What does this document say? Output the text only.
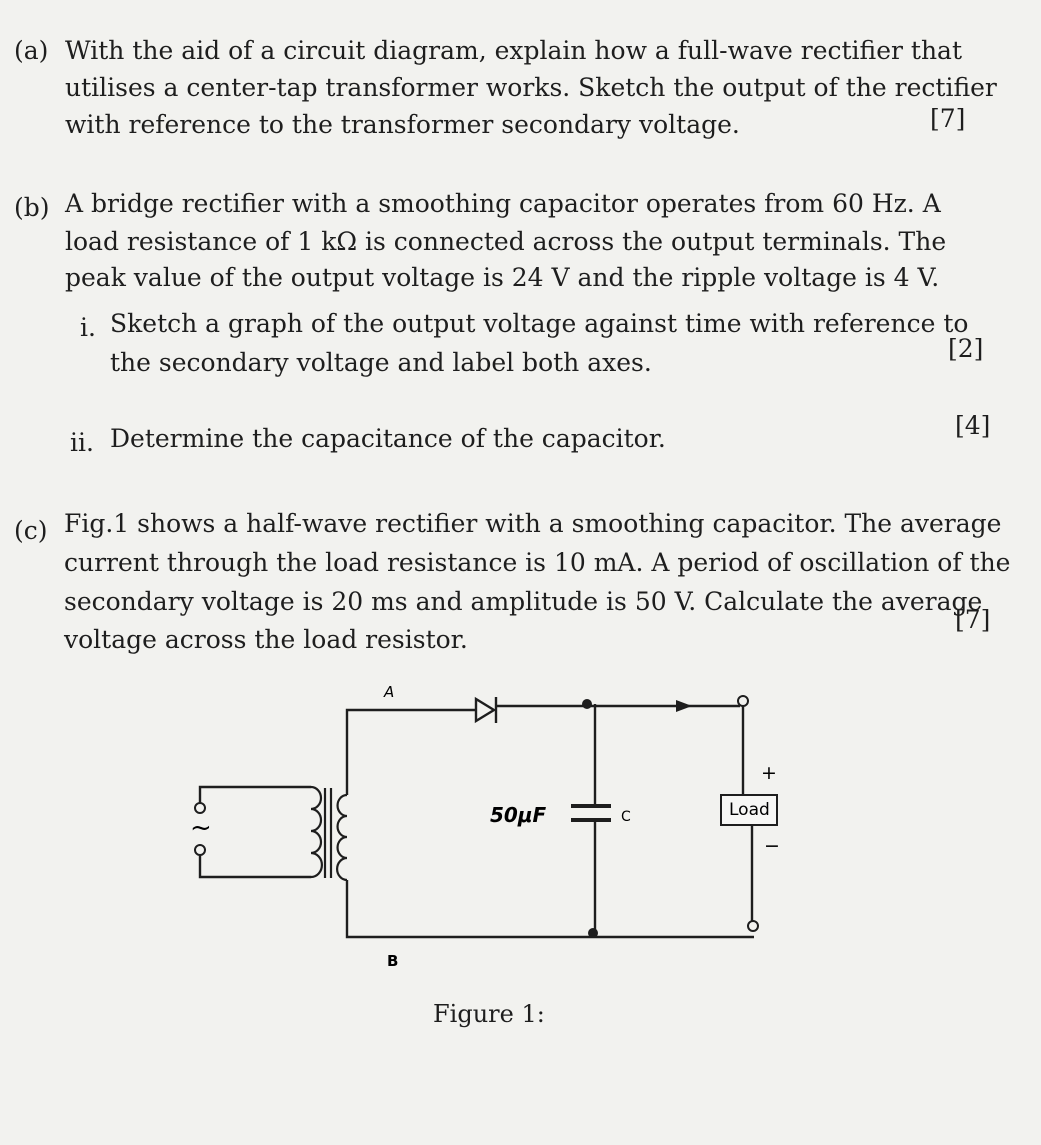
(a) With the aid of a circuit diagram, explain how a full-wave rectifier that
utilises a center-tap transformer works. Sketch the output of the rectifier
with reference to the transformer secondary voltage.	[7]
(b) A bridge rectifier with a smoothing capacitor operates from 60 Hz. A
load resistance of 1 kΩ is connected across the output terminals. The
peak value of the output voltage is 24 V and the ripple voltage is 4 V.
i. Sketch a graph of the output voltage against time with reference to
the secondary voltage and label both axes.	[2]
ii. Determine the capacitance of the capacitor.	[4]
(c) Fig.1 shows a half-wave rectifier with a smoothing capacitor. The average
current through the load resistance is 10 mA. A period of oscillation of the
secondary voltage is 20 ms and amplitude is 50 V. Calculate the average
voltage across the load resistor.
[7]
A
B
~	50μF	C	Load
+
−
Figure 1:
